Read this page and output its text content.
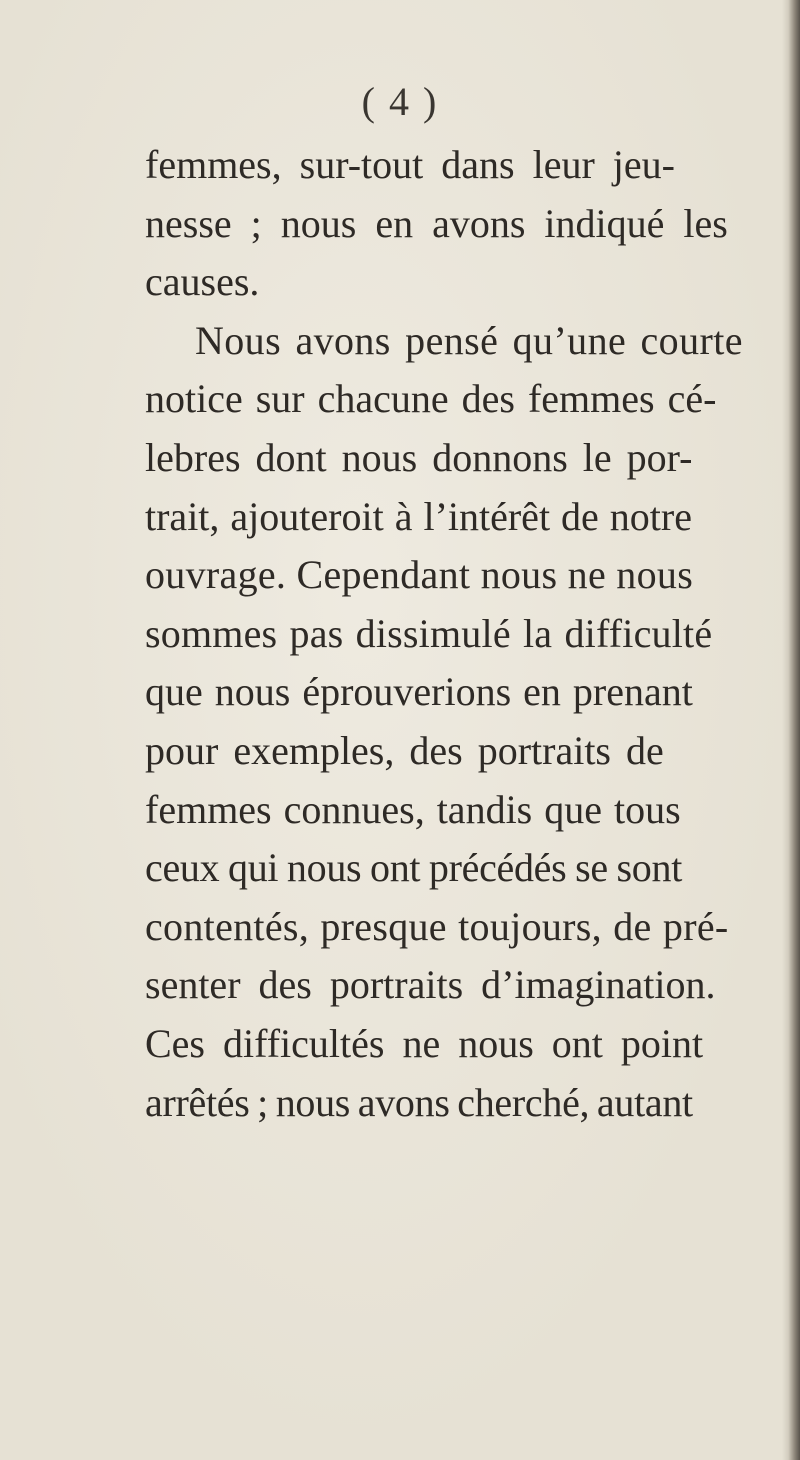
( 4 )
femmes, sur-tout dans leur jeu-
nesse ; nous en avons indiqué les
causes.
Nous avons pensé qu’une courte
notice sur chacune des femmes cé-
lebres dont nous donnons le por-
trait, ajouteroit à l’intérêt de notre
ouvrage. Cependant nous ne nous
sommes pas dissimulé la difficulté
que nous éprouverions en prenant
pour exemples, des portraits de
femmes connues, tandis que tous
ceux qui nous ont précédés se sont
contentés, presque toujours, de pré-
senter des portraits d’imagination.
Ces difficultés ne nous ont point
arrêtés ; nous avons cherché, autant
